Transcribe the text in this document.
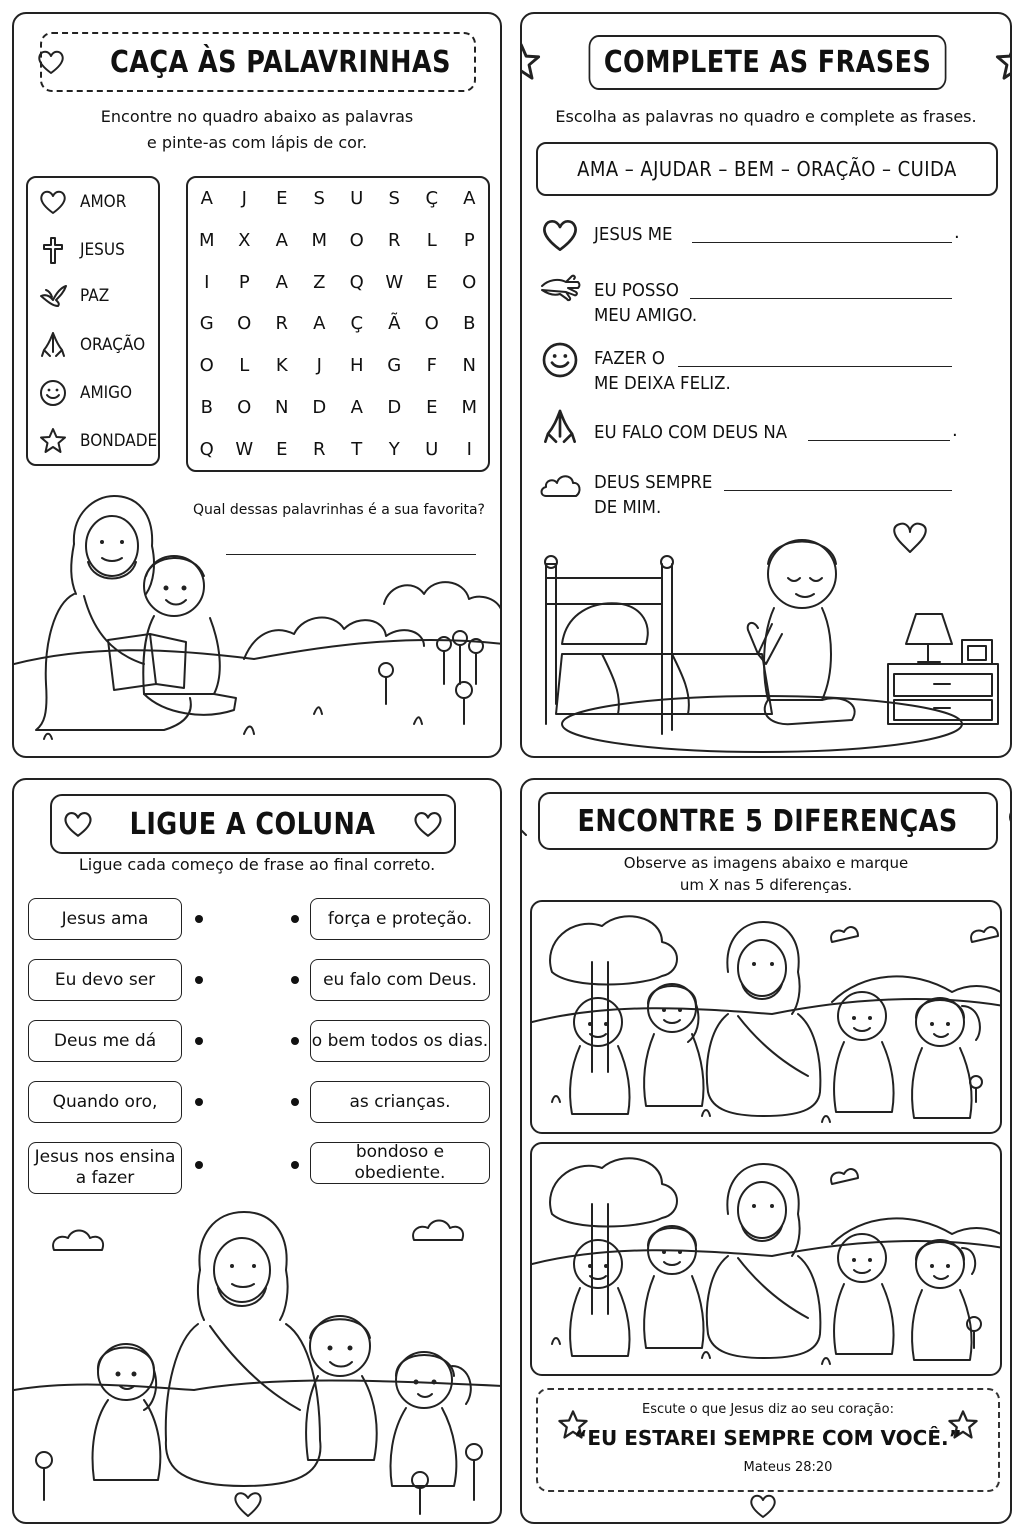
CAÇA ÀS PALAVRINHAS
Encontre no quadro abaixo as palavras
e pinte-as com lápis de cor.
AMOR
JESUS
PAZ
ORAÇÃO
AMIGO
BONDADE
A J E S U S Ç A
M X A M O R L P
I P A Z Q W E O
G O R A Ç Ã O B
O L K J H G F N
B O N D A D E M
Q W E R T Y U I
Qual dessas palavrinhas é a sua favorita?
COMPLETE AS FRASES
Escolha as palavras no quadro e complete as frases.
AMA – AJUDAR – BEM – ORAÇÃO – CUIDA
JESUS ME	.
EU POSSO
MEU AMIGO.
FAZER O
ME DEIXA FELIZ.
EU FALO COM DEUS NA	.
DEUS SEMPRE
DE MIM.
LIGUE A COLUNA
Ligue cada começo de frase ao final correto.
Jesus ama
Eu devo ser
Deus me dá
Quando oro,
Jesus nos ensina a fazer
força e proteção.
eu falo com Deus.
o bem todos os dias.
as crianças.
bondoso e obediente.
ENCONTRE 5 DIFERENÇAS
Observe as imagens abaixo e marque
um X nas 5 diferenças.
Escute o que Jesus diz ao seu coração:
“EU ESTAREI SEMPRE COM VOCÊ.”
Mateus 28:20
